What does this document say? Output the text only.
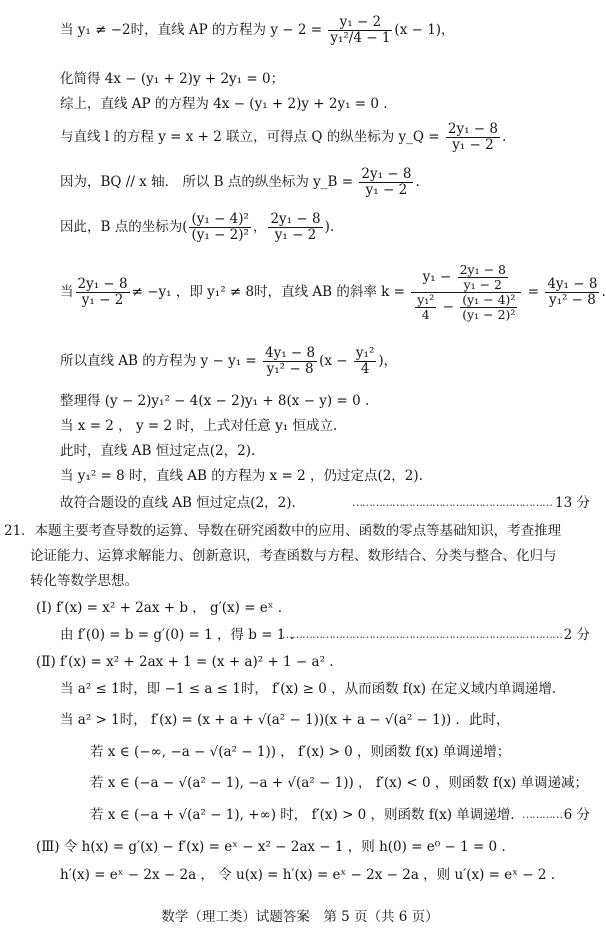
当 y₁ ≠ −2时，直线 AP 的方程为 $y - 2 = \frac{\text{y₁ − 2}}{\text{y₁²/4 − 1}} (x - 1)$，
化简得 4x − (y₁ + 2)y + 2y₁ = 0；
综上，直线 AP 的方程为 4x − (y₁ + 2)y + 2y₁ = 0 .
与直线 l 的方程 y = x + 2 联立，可得点 Q 的纵坐标为 y_Q = $\frac{\text{2y₁ − 8}}{\text{y₁ − 2}}$ .
因为，BQ // x 轴． 所以 B 点的纵坐标为 y_B = $\frac{\text{2y₁ − 8}}{\text{y₁ − 2}}$ .
因此，B 点的坐标为( $\frac{\text{(y₁ − 4)²}}{\text{(y₁ − 2)²}}$ ， $\frac{\text{2y₁ − 8}}{\text{y₁ − 2}}$ ).
当 $\frac{\text{2y₁ − 8}}{\text{y₁ − 2}} \ne -y_1$ ，即 y₁² ≠ 8时，直线 AB 的斜率 $k = \frac{y_1 - \frac{\text{2y₁ − 8}}{\text{y₁ − 2}}}{\frac{\text{y₁²}}{4} - \frac{\text{(y₁ − 4)²}}{\text{(y₁ − 2)²}}} = \frac{\text{4y₁ − 8}}{\text{y₁² − 8}}$ .
所以直线 AB 的方程为 $y - y_1 = \frac{\text{4y₁ − 8}}{\text{y₁² − 8}} (x - \frac{\text{y₁²}}{4}$ )，
整理得 (y − 2)y₁² − 4(x − 2)y₁ + 8(x − y) = 0 .
当 x = 2 ， y = 2 时，上式对任意 y₁ 恒成立.
此时，直线 AB 恒过定点(2，2).
当 y₁² = 8 时，直线 AB 的方程为 x = 2 ，仍过定点(2，2).
故符合题设的直线 AB 恒过定点(2，2).	…………………………………………………… 13 分
21．本题主要考查导数的运算、导数在研究函数中的应用、函数的零点等基础知识，考查推理
论证能力、运算求解能力、创新意识，考查函数与方程、数形结合、分类与整合、化归与
转化等数学思想。
(Ⅰ) f′(x) = x² + 2ax + b ， g′(x) = eˣ .
由 f′(0) = b = g′(0) = 1 ，得 b = 1 .
………………………………………………………………………… 2 分
(Ⅱ) f′(x) = x² + 2ax + 1 = (x + a)² + 1 − a² .
当 a² ≤ 1时，即 −1 ≤ a ≤ 1时， f′(x) ≥ 0 ，从而函数 f(x) 在定义域内单调递增.
当 a² > 1时， f′(x) = (x + a + √(a² − 1))(x + a − √(a² − 1)) ．此时，
若 x ∈ (−∞, −a − √(a² − 1)) ， f′(x) > 0 ，则函数 f(x) 单调递增；
若 x ∈ (−a − √(a² − 1), −a + √(a² − 1)) ， f′(x) < 0 ，则函数 f(x) 单调递减；
若 x ∈ (−a + √(a² − 1), +∞) 时， f′(x) > 0 ，则函数 f(x) 单调递增. ………… 6 分
(Ⅲ) 令 h(x) = g′(x) − f′(x) = eˣ − x² − 2ax − 1 ，则 h(0) = e⁰ − 1 = 0 .
h′(x) = eˣ − 2x − 2a ， 令 u(x) = h′(x) = eˣ − 2x − 2a ，则 u′(x) = eˣ − 2 .
数学（理工类）试题答案　第 5 页（共 6 页）
